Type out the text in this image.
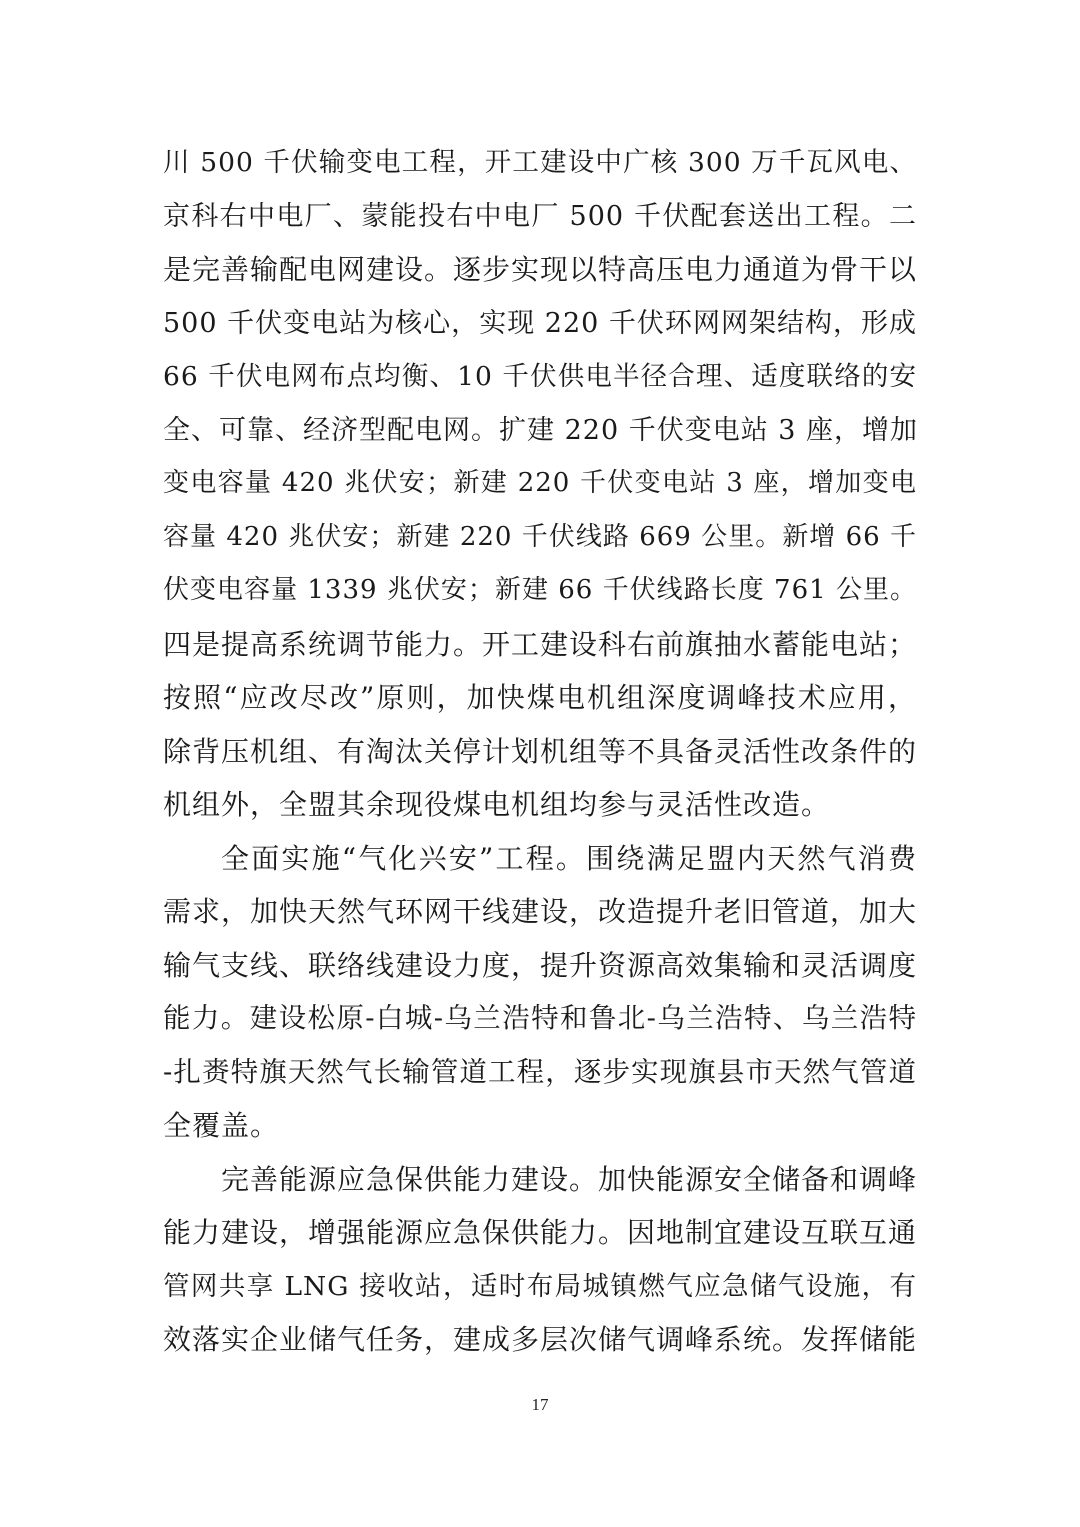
川 500 千伏输变电工程，开工建设中广核 300 万千瓦风电、
京科右中电厂、蒙能投右中电厂 500 千伏配套送出工程。二
是完善输配电网建设。逐步实现以特高压电力通道为骨干以
500 千伏变电站为核心，实现 220 千伏环网网架结构，形成
66 千伏电网布点均衡、10 千伏供电半径合理、适度联络的安
全、可靠、经济型配电网。扩建 220 千伏变电站 3 座，增加
变电容量 420 兆伏安；新建 220 千伏变电站 3 座，增加变电
容量 420 兆伏安；新建 220 千伏线路 669 公里。新增 66 千
伏变电容量 1339 兆伏安；新建 66 千伏线路长度 761 公里。
四是提高系统调节能力。开工建设科右前旗抽水蓄能电站；
按照“应改尽改”原则，加快煤电机组深度调峰技术应用，
除背压机组、有淘汰关停计划机组等不具备灵活性改条件的
机组外，全盟其余现役煤电机组均参与灵活性改造。
全面实施“气化兴安”工程。围绕满足盟内天然气消费
需求，加快天然气环网干线建设，改造提升老旧管道，加大
输气支线、联络线建设力度，提升资源高效集输和灵活调度
能力。建设松原-白城-乌兰浩特和鲁北-乌兰浩特、乌兰浩特
-扎赉特旗天然气长输管道工程，逐步实现旗县市天然气管道
全覆盖。
完善能源应急保供能力建设。加快能源安全储备和调峰
能力建设，增强能源应急保供能力。因地制宜建设互联互通
管网共享 LNG 接收站，适时布局城镇燃气应急储气设施，有
效落实企业储气任务，建成多层次储气调峰系统。发挥储能
17
